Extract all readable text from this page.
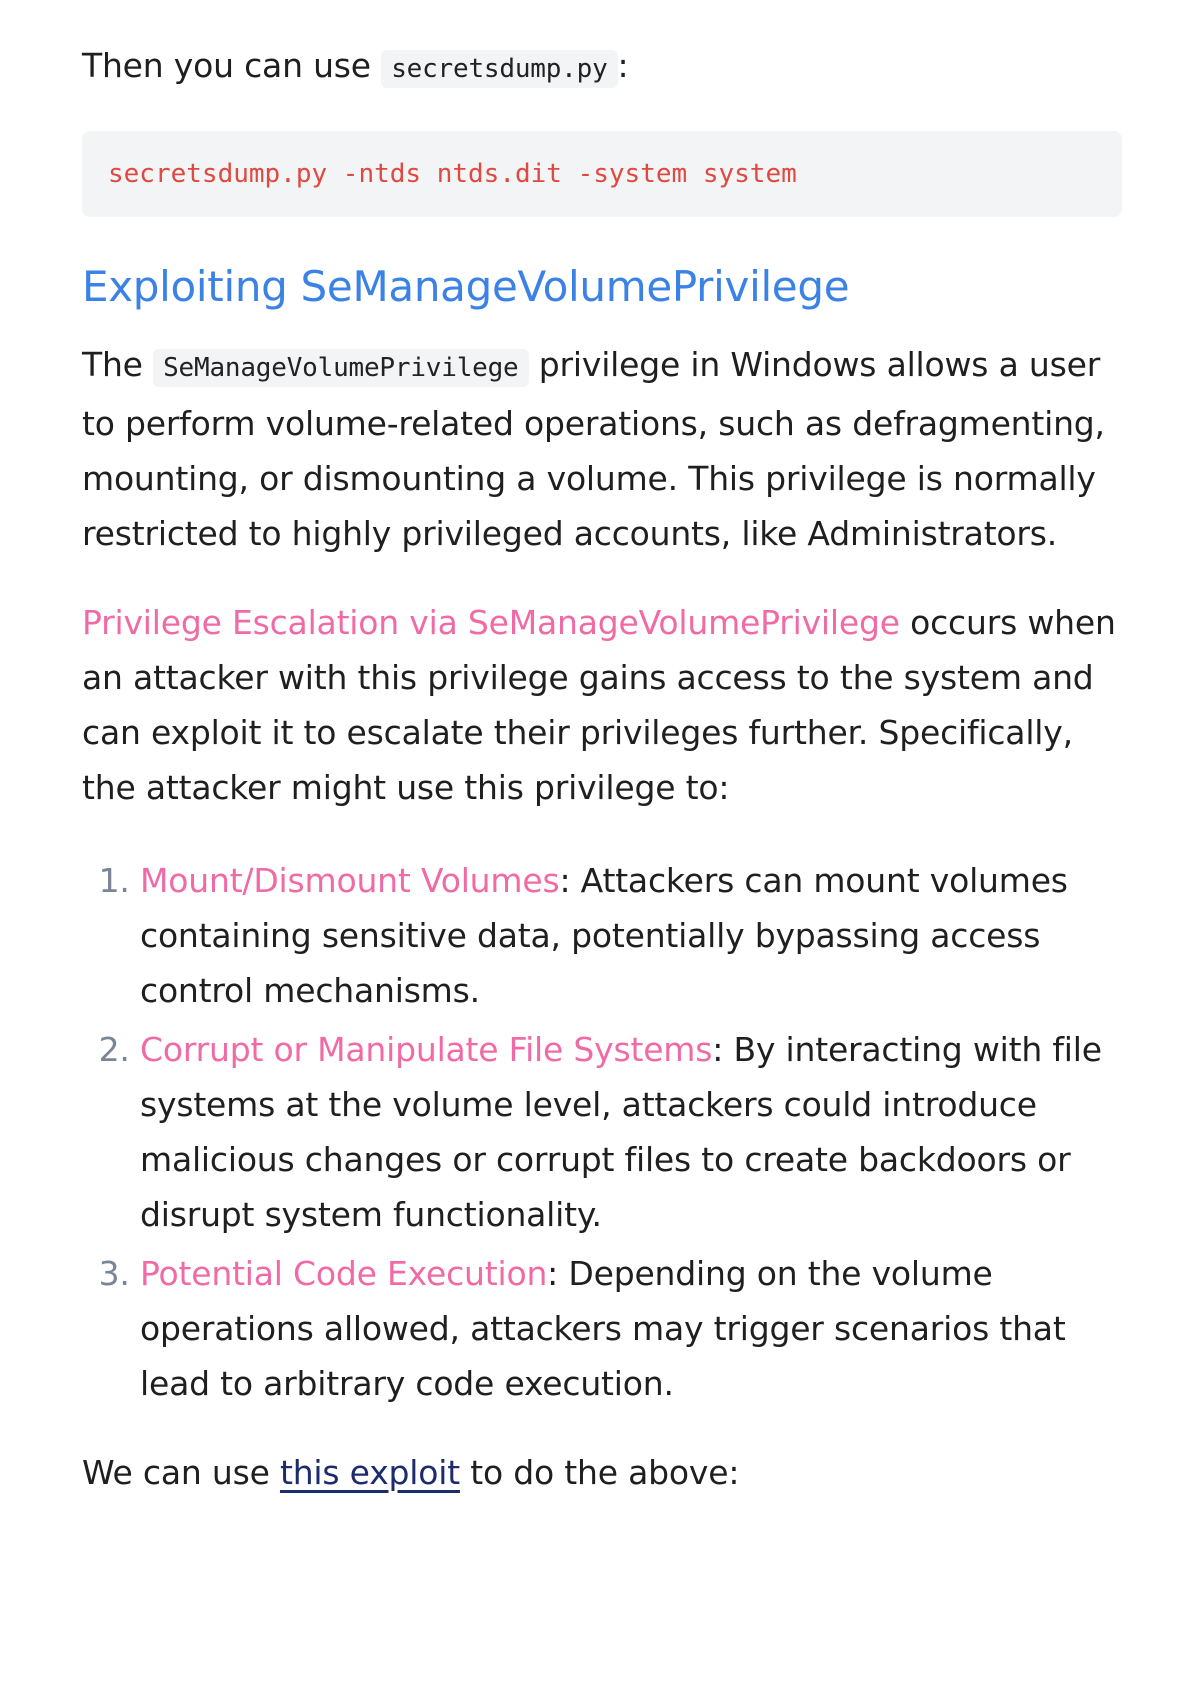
Then you can use secretsdump.py :

secretsdump.py -ntds ntds.dit -system system
Exploiting SeManageVolumePrivilege

The SeManageVolumePrivilege privilege in Windows allows a user to perform volume-related operations, such as defragmenting, mounting, or dismounting a volume. This privilege is normally restricted to highly privileged accounts, like Administrators.

Privilege Escalation via SeManageVolumePrivilege occurs when an attacker with this privilege gains access to the system and can exploit it to escalate their privileges further. Specifically, the attacker might use this privilege to:

1. Mount/Dismount Volumes: Attackers can mount volumes containing sensitive data, potentially bypassing access control mechanisms.
2. Corrupt or Manipulate File Systems: By interacting with file systems at the volume level, attackers could introduce malicious changes or corrupt files to create backdoors or disrupt system functionality.
3. Potential Code Execution: Depending on the volume operations allowed, attackers may trigger scenarios that lead to arbitrary code execution.

We can use this exploit to do the above:
